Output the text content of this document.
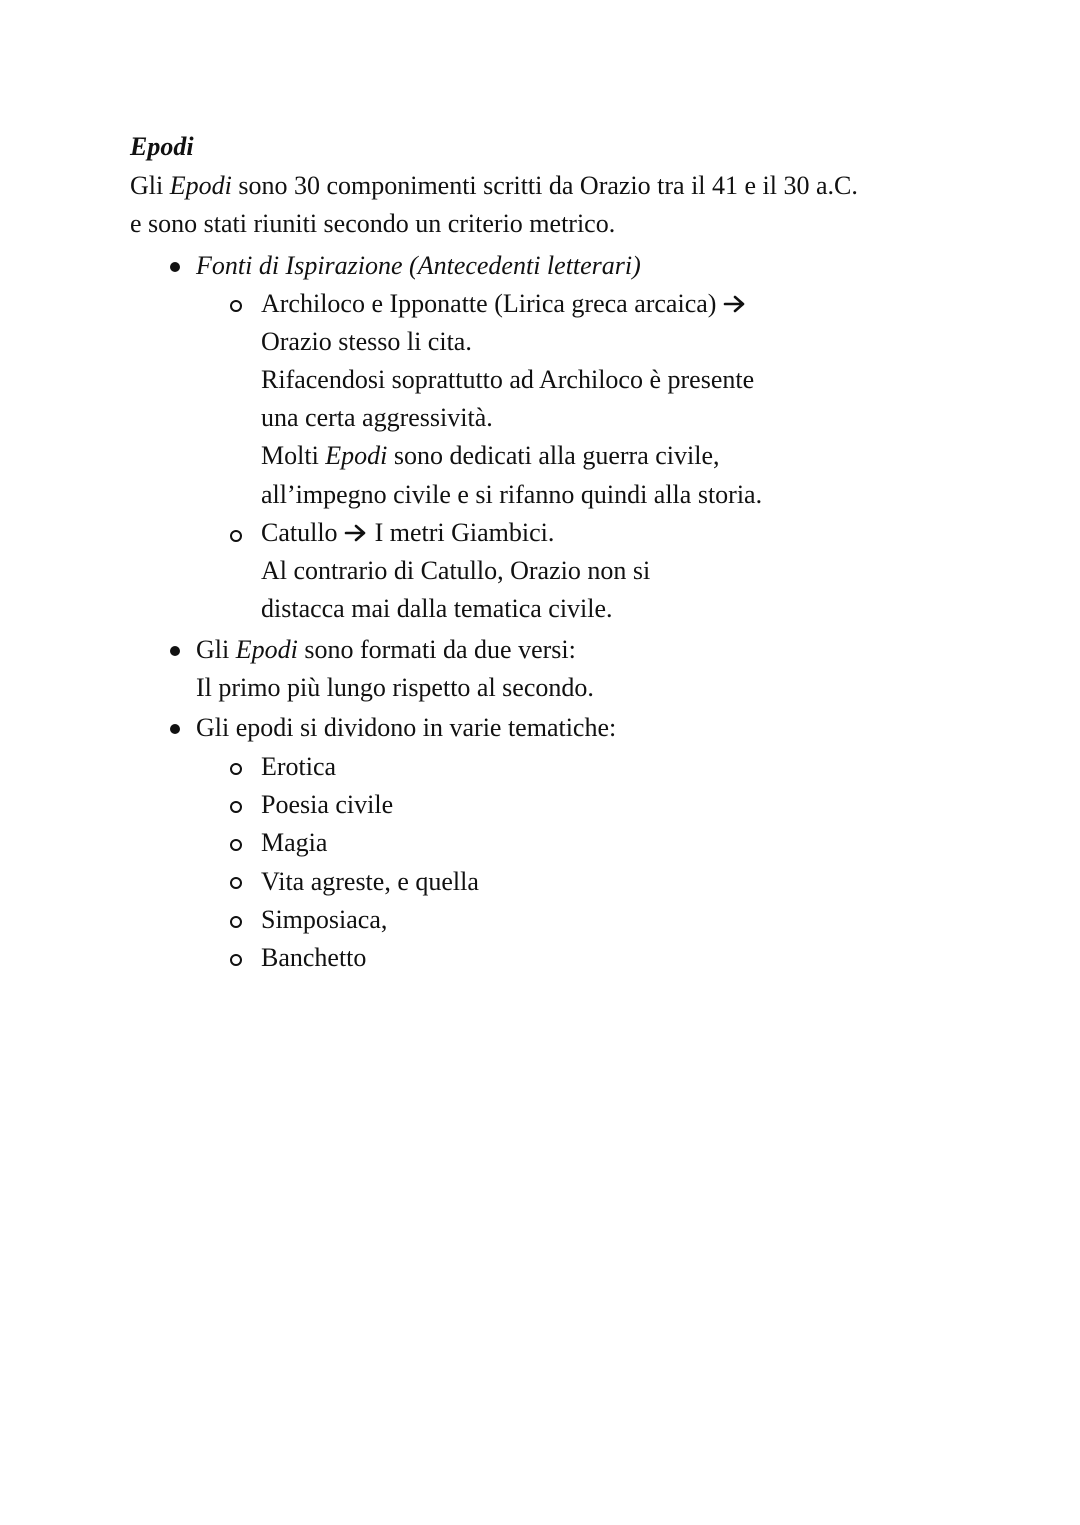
Epodi
Gli Epodi sono 30 componimenti scritti da Orazio tra il 41 e il 30 a.C.
e sono stati riuniti secondo un criterio metrico.
Fonti di Ispirazione (Antecedenti letterari)
Archiloco e Ipponatte (Lirica greca arcaica)
Orazio stesso li cita.
Rifacendosi soprattutto ad Archiloco è presente
una certa aggressività.
Molti Epodi sono dedicati alla guerra civile,
all’impegno civile e si rifanno quindi alla storia.
Catullo I metri Giambici.
Al contrario di Catullo, Orazio non si
distacca mai dalla tematica civile.
Gli Epodi sono formati da due versi:
Il primo più lungo rispetto al secondo.
Gli epodi si dividono in varie tematiche:
Erotica
Poesia civile
Magia
Vita agreste, e quella
Simposiaca,
Banchetto
